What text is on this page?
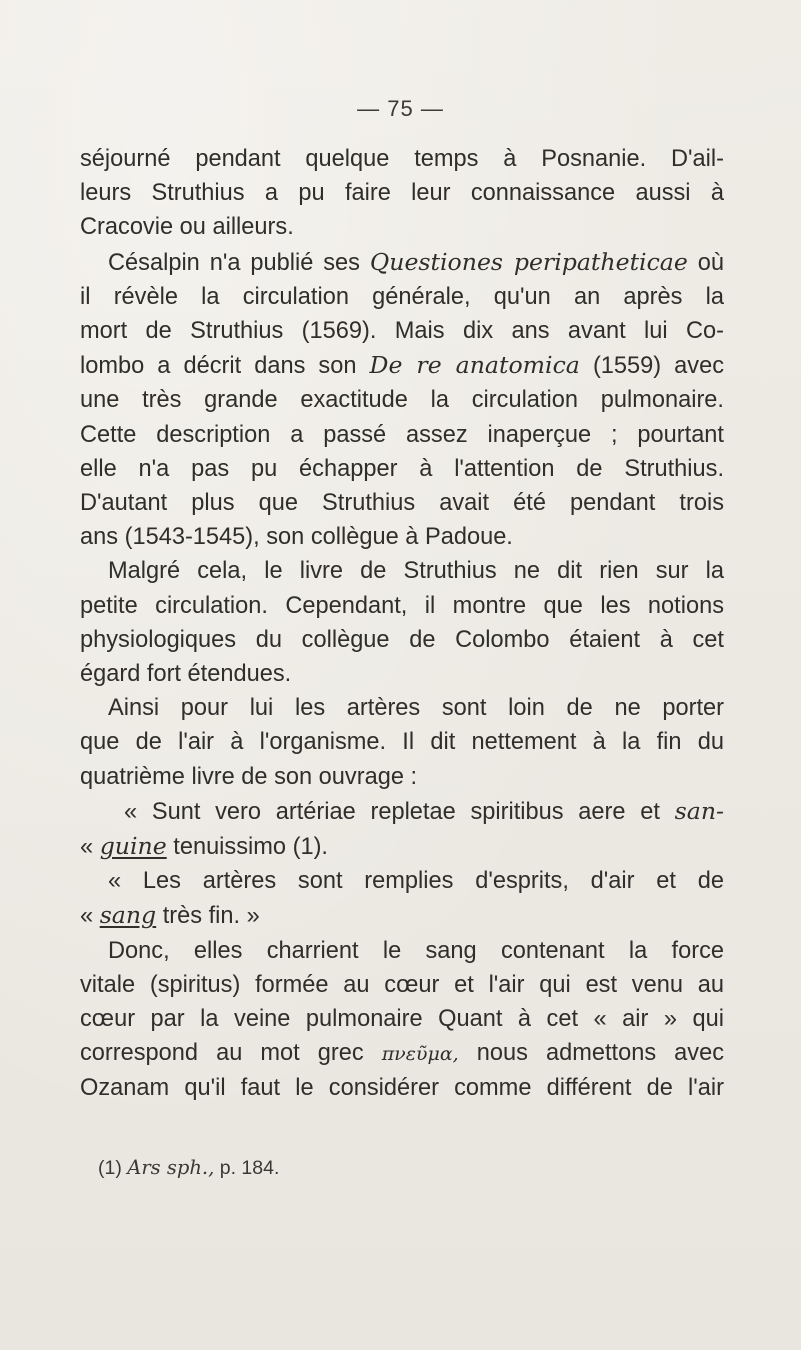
— 75 —
séjourné pendant quelque temps à Posnanie. D'ail-
leurs Struthius a pu faire leur connaissance aussi à
Cracovie ou ailleurs.
Césalpin n'a publié ses Questiones peripatheticae où
il révèle la circulation générale, qu'un an après la
mort de Struthius (1569). Mais dix ans avant lui Co-
lombo a décrit dans son De re anatomica (1559) avec
une très grande exactitude la circulation pulmonaire.
Cette description a passé assez inaperçue ; pourtant
elle n'a pas pu échapper à l'attention de Struthius.
D'autant plus que Struthius avait été pendant trois
ans (1543-1545), son collègue à Padoue.
Malgré cela, le livre de Struthius ne dit rien sur la
petite circulation. Cependant, il montre que les notions
physiologiques du collègue de Colombo étaient à cet
égard fort étendues.
Ainsi pour lui les artères sont loin de ne porter
que de l'air à l'organisme. Il dit nettement à la fin du
quatrième livre de son ouvrage :
« Sunt vero artériae repletae spiritibus aere et san-
« guine tenuissimo (1).
« Les artères sont remplies d'esprits, d'air et de
« sang très fin. »
Donc, elles charrient le sang contenant la force
vitale (spiritus) formée au cœur et l'air qui est venu au
cœur par la veine pulmonaire Quant à cet « air » qui
correspond au mot grec πνεῦμα, nous admettons avec
Ozanam qu'il faut le considérer comme différent de l'air
(1) Ars sph., p. 184.
